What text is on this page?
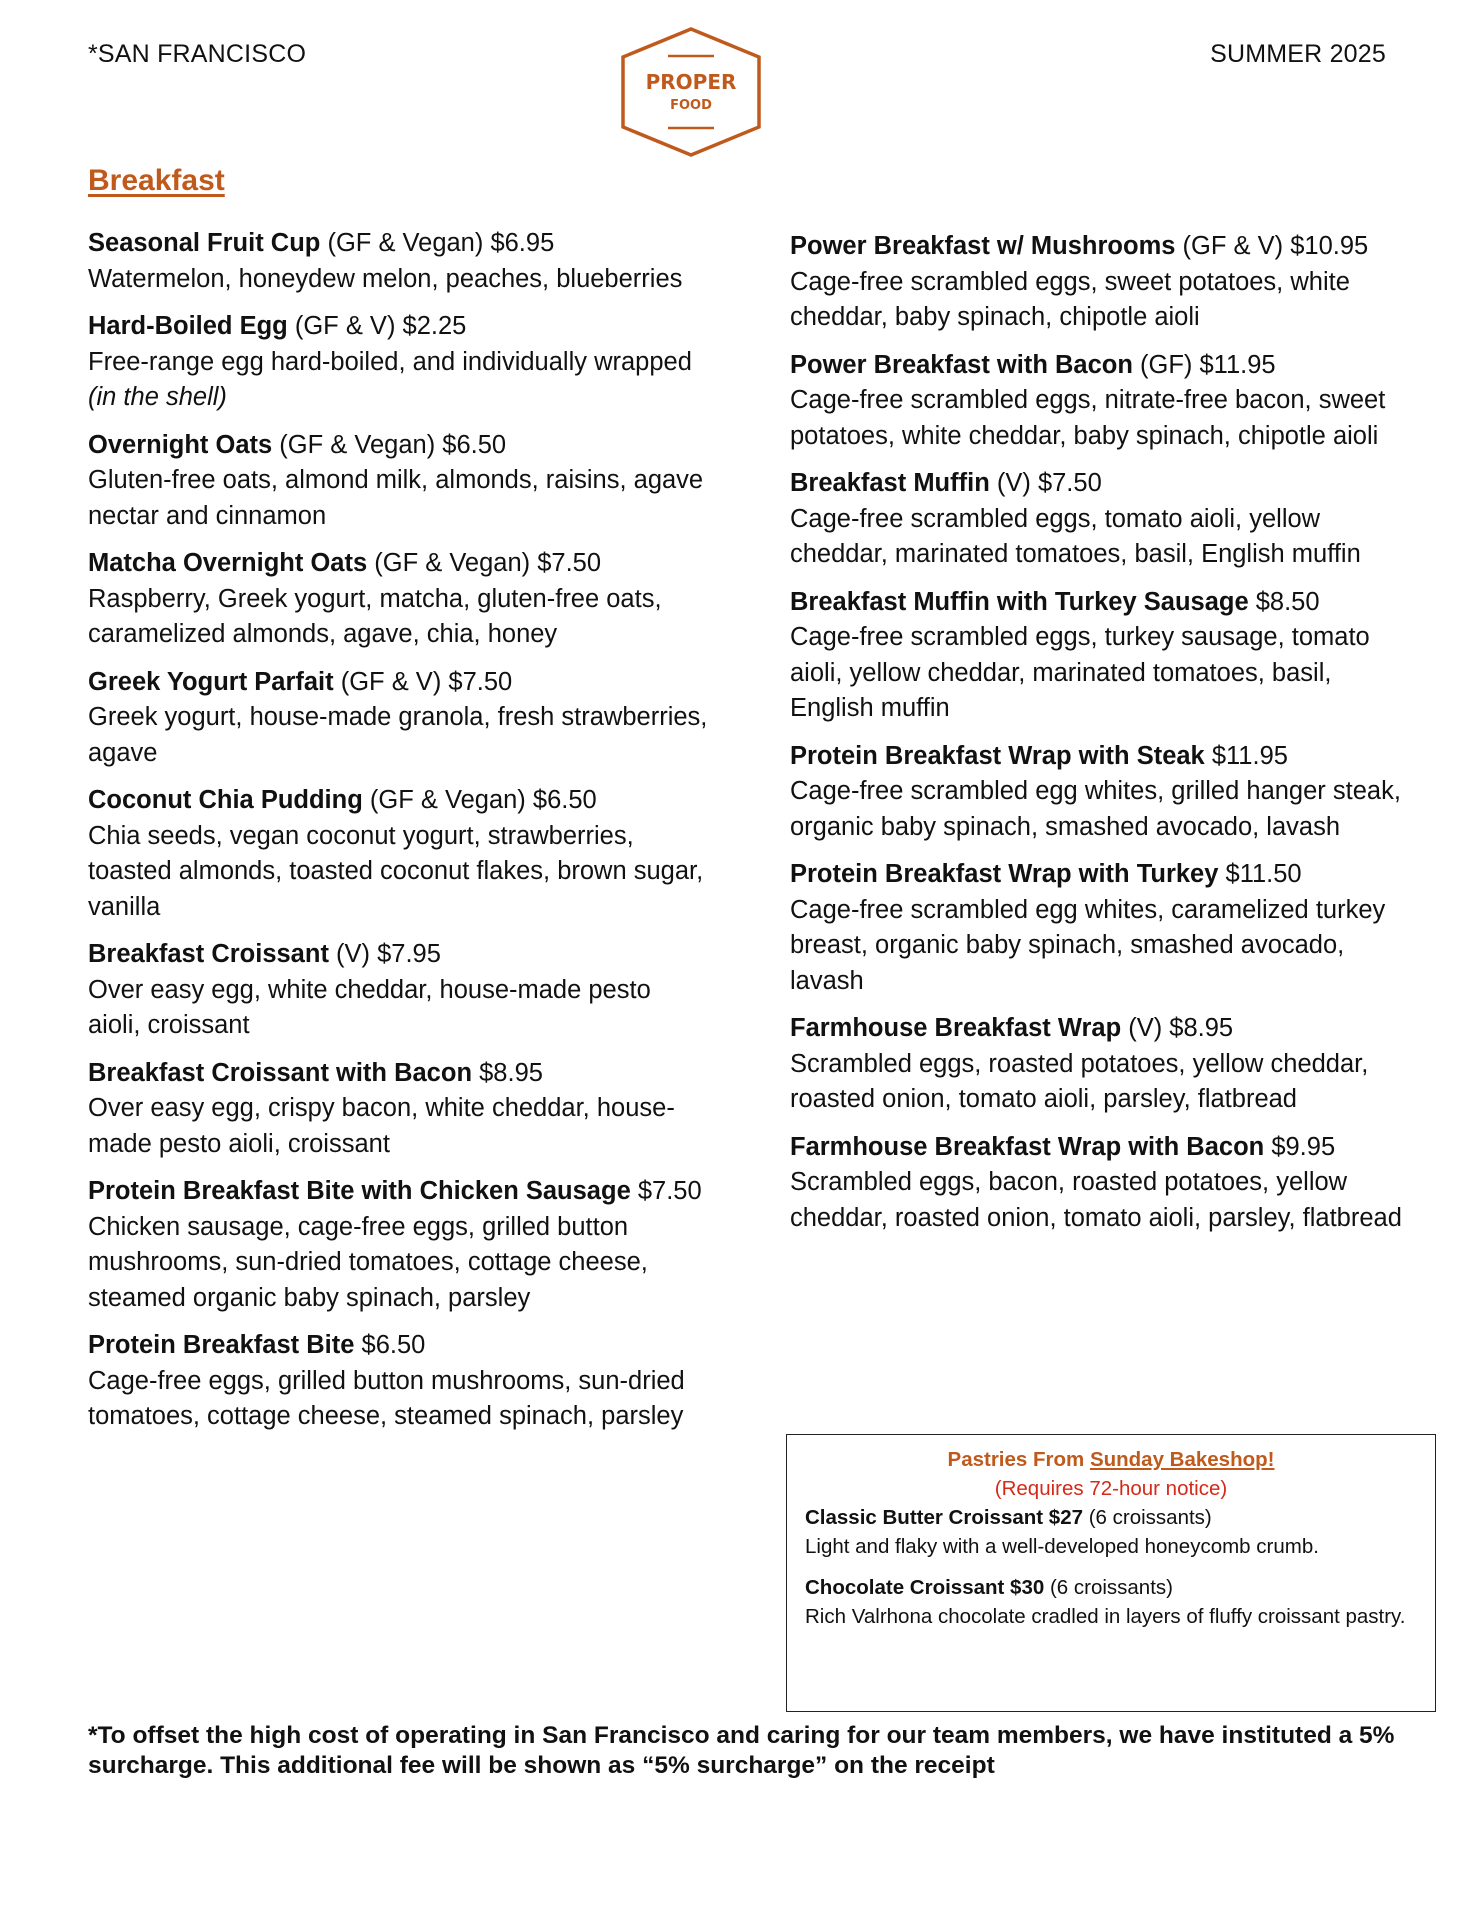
*SAN FRANCISCO	SUMMER 2025
PROPER
FOOD
Breakfast
Seasonal Fruit Cup (GF & Vegan) $6.95
Watermelon, honeydew melon, peaches, blueberries
Hard-Boiled Egg (GF & V) $2.25
Free-range egg hard-boiled, and individually wrapped (in the shell)
Overnight Oats (GF & Vegan) $6.50
Gluten-free oats, almond milk, almonds, raisins, agave nectar and cinnamon
Matcha Overnight Oats (GF & Vegan) $7.50
Raspberry, Greek yogurt, matcha, gluten-free oats, caramelized almonds, agave, chia, honey
Greek Yogurt Parfait (GF & V) $7.50
Greek yogurt, house-made granola, fresh strawberries, agave
Coconut Chia Pudding (GF & Vegan) $6.50
Chia seeds, vegan coconut yogurt, strawberries, toasted almonds, toasted coconut flakes, brown sugar, vanilla
Breakfast Croissant (V) $7.95
Over easy egg, white cheddar, house-made pesto aioli, croissant
Breakfast Croissant with Bacon $8.95
Over easy egg, crispy bacon, white cheddar, house-made pesto aioli, croissant
Protein Breakfast Bite with Chicken Sausage $7.50
Chicken sausage, cage-free eggs, grilled button mushrooms, sun-dried tomatoes, cottage cheese, steamed organic baby spinach, parsley
Protein Breakfast Bite $6.50
Cage-free eggs, grilled button mushrooms, sun-dried tomatoes, cottage cheese, steamed spinach, parsley
Power Breakfast w/ Mushrooms (GF & V) $10.95
Cage-free scrambled eggs, sweet potatoes, white cheddar, baby spinach, chipotle aioli
Power Breakfast with Bacon (GF) $11.95
Cage-free scrambled eggs, nitrate-free bacon, sweet potatoes, white cheddar, baby spinach, chipotle aioli
Breakfast Muffin (V) $7.50
Cage-free scrambled eggs, tomato aioli, yellow cheddar, marinated tomatoes, basil, English muffin
Breakfast Muffin with Turkey Sausage $8.50
Cage-free scrambled eggs, turkey sausage, tomato aioli, yellow cheddar, marinated tomatoes, basil, English muffin
Protein Breakfast Wrap with Steak $11.95
Cage-free scrambled egg whites, grilled hanger steak, organic baby spinach, smashed avocado, lavash
Protein Breakfast Wrap with Turkey $11.50
Cage-free scrambled egg whites, caramelized turkey breast, organic baby spinach, smashed avocado, lavash
Farmhouse Breakfast Wrap (V) $8.95
Scrambled eggs, roasted potatoes, yellow cheddar, roasted onion, tomato aioli, parsley, flatbread
Farmhouse Breakfast Wrap with Bacon $9.95
Scrambled eggs, bacon, roasted potatoes, yellow cheddar, roasted onion, tomato aioli, parsley, flatbread
Pastries From Sunday Bakeshop!
(Requires 72-hour notice)
Classic Butter Croissant $27 (6 croissants)
Light and flaky with a well-developed honeycomb crumb.
Chocolate Croissant $30 (6 croissants)
Rich Valrhona chocolate cradled in layers of fluffy croissant pastry.
*To offset the high cost of operating in San Francisco and caring for our team members, we have instituted a 5% surcharge. This additional fee will be shown as “5% surcharge” on the receipt
